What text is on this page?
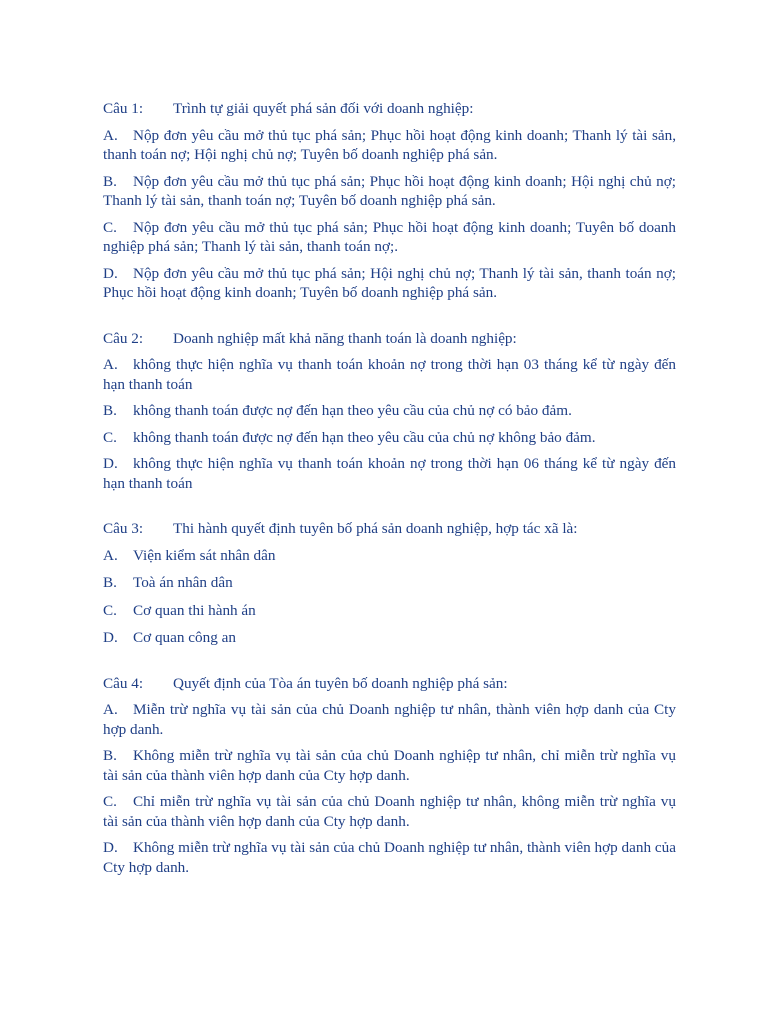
Câu 1:	Trình tự giải quyết phá sản đối với doanh nghiệp:
A. Nộp đơn yêu cầu mở thủ tục phá sản; Phục hồi hoạt động kinh doanh; Thanh lý tài sản, thanh toán nợ; Hội nghị chủ nợ; Tuyên bố doanh nghiệp phá sản.
B. Nộp đơn yêu cầu mở thủ tục phá sản; Phục hồi hoạt động kinh doanh; Hội nghị chủ nợ; Thanh lý tài sản, thanh toán nợ; Tuyên bố doanh nghiệp phá sản.
C. Nộp đơn yêu cầu mở thủ tục phá sản; Phục hồi hoạt động kinh doanh; Tuyên bố doanh nghiệp phá sản; Thanh lý tài sản, thanh toán nợ;.
D. Nộp đơn yêu cầu mở thủ tục phá sản; Hội nghị chủ nợ; Thanh lý tài sản, thanh toán nợ; Phục hồi hoạt động kinh doanh; Tuyên bố doanh nghiệp phá sản.
Câu 2:	Doanh nghiệp mất khả năng thanh toán là doanh nghiệp:
A. không thực hiện nghĩa vụ thanh toán khoản nợ trong thời hạn 03 tháng kể từ ngày đến hạn thanh toán
B. không thanh toán được nợ đến hạn theo yêu cầu của chủ nợ có bảo đảm.
C. không thanh toán được nợ đến hạn theo yêu cầu của chủ nợ không bảo đảm.
D. không thực hiện nghĩa vụ thanh toán khoản nợ trong thời hạn 06 tháng kể từ ngày đến hạn thanh toán
Câu 3:	Thi hành quyết định tuyên bố phá sản doanh nghiệp, hợp tác xã là:
A. Viện kiểm sát nhân dân
B. Toà án nhân dân
C. Cơ quan thi hành án
D. Cơ quan công an
Câu 4:	Quyết định của Tòa án tuyên bố doanh nghiệp phá sản:
A. Miễn trừ nghĩa vụ tài sản của chủ Doanh nghiệp tư nhân, thành viên hợp danh của Cty hợp danh.
B. Không miễn trừ nghĩa vụ tài sản của chủ Doanh nghiệp tư nhân, chỉ miễn trừ nghĩa vụ tài sản của thành viên hợp danh của Cty hợp danh.
C. Chỉ miễn trừ nghĩa vụ tài sản của chủ Doanh nghiệp tư nhân, không miễn trừ nghĩa vụ tài sản của thành viên hợp danh của Cty hợp danh.
D. Không miễn trừ nghĩa vụ tài sản của chủ Doanh nghiệp tư nhân, thành viên hợp danh của Cty hợp danh.
